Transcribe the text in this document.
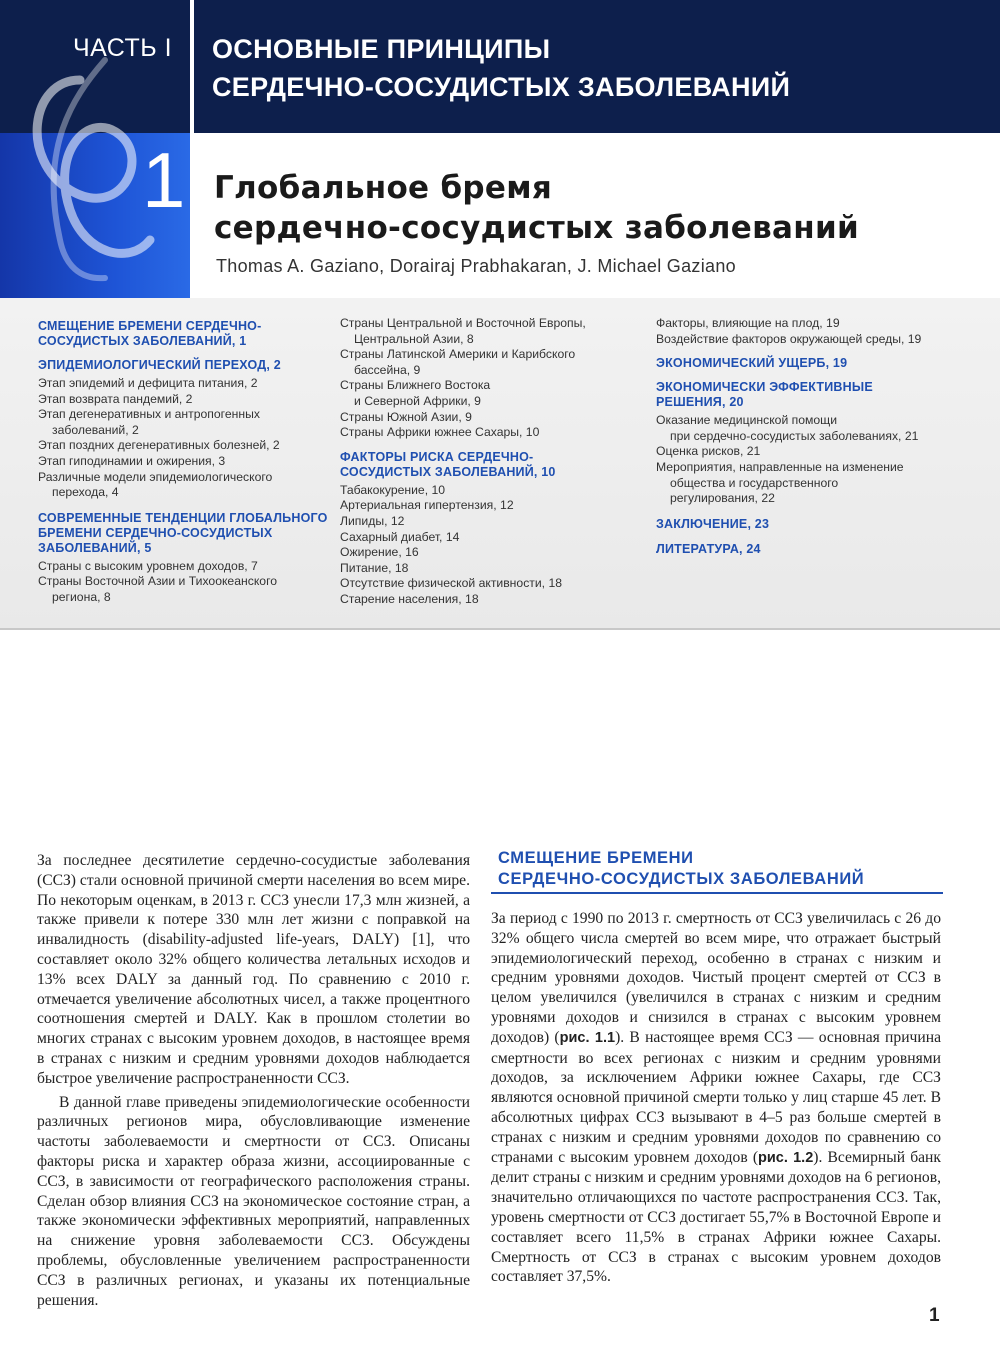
ЧАСТЬ I ОСНОВНЫЕ ПРИНЦИПЫ
СЕРДЕЧНО-СОСУДИСТЫХ ЗАБОЛЕВАНИЙ
1 Глобальное бремя
сердечно-сосудистых заболеваний
Thomas A. Gaziano, Dorairaj Prabhakaran, J. Michael Gaziano
СМЕЩЕНИЕ БРЕМЕНИ СЕРДЕЧНО-
СОСУДИСТЫХ ЗАБОЛЕВАНИЙ, 1
ЭПИДЕМИОЛОГИЧЕСКИЙ ПЕРЕХОД, 2
Этап эпидемий и дефицита питания, 2
Этап возврата пандемий, 2
Этап дегенеративных и антропогенных
заболеваний, 2
Этап поздних дегенеративных болезней, 2
Этап гиподинамии и ожирения, 3
Различные модели эпидемиологического
перехода, 4
СОВРЕМЕННЫЕ ТЕНДЕНЦИИ ГЛОБАЛЬНОГО
БРЕМЕНИ СЕРДЕЧНО-СОСУДИСТЫХ
ЗАБОЛЕВАНИЙ, 5
Страны с высоким уровнем доходов, 7
Страны Восточной Азии и Тихоокеанского
региона, 8
Страны Центральной и Восточной Европы,
Центральной Азии, 8
Страны Латинской Америки и Карибского
бассейна, 9
Страны Ближнего Востока
и Северной Африки, 9
Страны Южной Азии, 9
Страны Африки южнее Сахары, 10
ФАКТОРЫ РИСКА СЕРДЕЧНО-
СОСУДИСТЫХ ЗАБОЛЕВАНИЙ, 10
Табакокурение, 10
Артериальная гипертензия, 12
Липиды, 12
Сахарный диабет, 14
Ожирение, 16
Питание, 18
Отсутствие физической активности, 18
Старение населения, 18
Факторы, влияющие на плод, 19
Воздействие факторов окружающей среды, 19
ЭКОНОМИЧЕСКИЙ УЩЕРБ, 19
ЭКОНОМИЧЕСКИ ЭФФЕКТИВНЫЕ
РЕШЕНИЯ, 20
Оказание медицинской помощи
при сердечно-сосудистых заболеваниях, 21
Оценка рисков, 21
Мероприятия, направленные на изменение
общества и государственного
регулирования, 22
ЗАКЛЮЧЕНИЕ, 23
ЛИТЕРАТУРА, 24

За последнее десятилетие сердечно-сосудистые заболевания (ССЗ) стали основной причиной смерти населения во всем мире. По некоторым оценкам, в 2013 г. ССЗ унесли 17,3 млн жизней, а также привели к потере 330 млн лет жизни с поправкой на инвалидность (disability-adjusted life-years, DALY) [1], что составляет около 32% общего количества летальных исходов и 13% всех DALY за данный год. По сравнению с 2010 г. отмечается увеличение абсолютных чисел, а также процентного соотношения смертей и DALY. Как в прошлом столетии во многих странах с высоким уровнем доходов, в настоящее время в странах с низким и средним уровнями доходов наблюдается быстрое увеличение распространенности ССЗ.

В данной главе приведены эпидемиологические особенности различных регионов мира, обусловливающие изменение частоты заболеваемости и смертности от ССЗ. Описаны факторы риска и характер образа жизни, ассоциированные с ССЗ, в зависимости от географического расположения страны. Сделан обзор влияния ССЗ на экономическое состояние стран, а также экономически эффективных мероприятий, направленных на снижение уровня заболеваемости ССЗ. Обсуждены проблемы, обусловленные увеличением распространенности ССЗ в различных регионах, и указаны их потенциальные решения.

СМЕЩЕНИЕ БРЕМЕНИ
СЕРДЕЧНО-СОСУДИСТЫХ ЗАБОЛЕВАНИЙ

За период с 1990 по 2013 г. смертность от ССЗ увеличилась с 26 до 32% общего числа смертей во всем мире, что отражает быстрый эпидемиологический переход, особенно в странах с низким и средним уровнями доходов. Чистый процент смертей от ССЗ в целом увеличился (увеличился в странах с низким и средним уровнями доходов и снизился в странах с высоким уровнем доходов) (рис. 1.1). В настоящее время ССЗ — основная причина смертности во всех регионах с низким и средним уровнями доходов, за исключением Африки южнее Сахары, где ССЗ являются основной причиной смерти только у лиц старше 45 лет. В абсолютных цифрах ССЗ вызывают в 4–5 раз больше смертей в странах с низким и средним уровнями доходов по сравнению со странами с высоким уровнем доходов (рис. 1.2). Всемирный банк делит страны с низким и средним уровнями доходов на 6 регионов, значительно отличающихся по частоте распространения ССЗ. Так, уровень смертности от ССЗ достигает 55,7% в Восточной Европе и составляет всего 11,5% в странах Африки южнее Сахары. Смертность от ССЗ в странах с высоким уровнем доходов составляет 37,5%.

1
